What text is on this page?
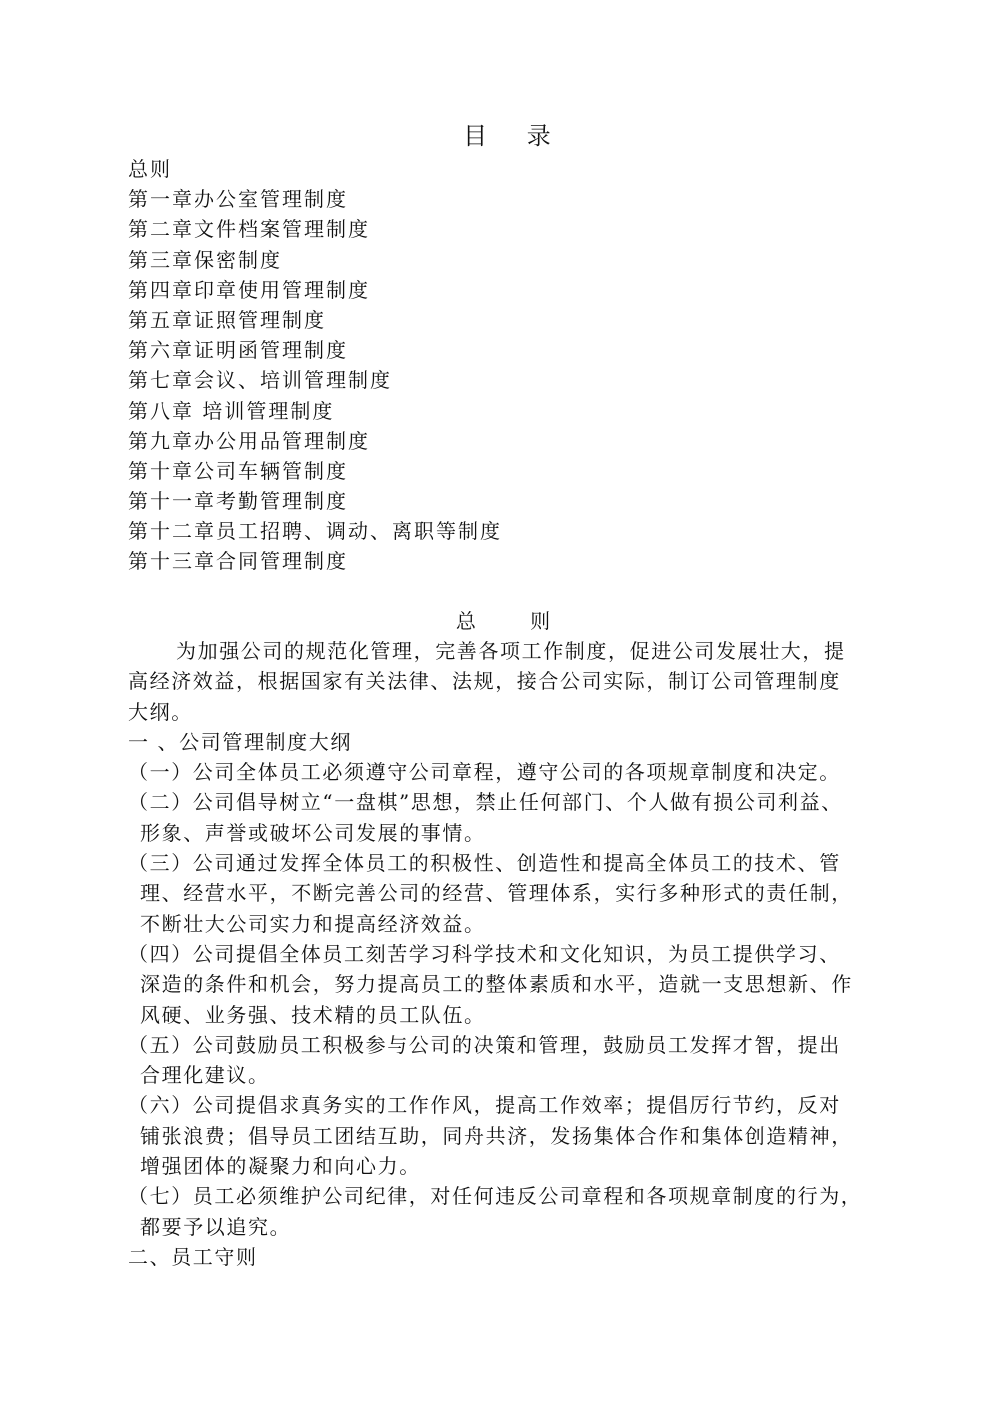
目 录
总则
第一章办公室管理制度
第二章文件档案管理制度
第三章保密制度
第四章印章使用管理制度
第五章证照管理制度
第六章证明函管理制度
第七章会议、培训管理制度
第八章 培训管理制度
第九章办公用品管理制度
第十章公司车辆管制度
第十一章考勤管理制度
第十二章员工招聘、调动、离职等制度
第十三章合同管理制度
总 则
为加强公司的规范化管理，完善各项工作制度，促进公司发展壮大，提
高经济效益，根据国家有关法律、法规，接合公司实际，制订公司管理制度
大纲。
一 、公司管理制度大纲
（一）公司全体员工必须遵守公司章程，遵守公司的各项规章制度和决定。
（二）公司倡导树立“一盘棋”思想，禁止任何部门、个人做有损公司利益、
形象、声誉或破坏公司发展的事情。
（三）公司通过发挥全体员工的积极性、创造性和提高全体员工的技术、管
理、经营水平，不断完善公司的经营、管理体系，实行多种形式的责任制，
不断壮大公司实力和提高经济效益。
（四）公司提倡全体员工刻苦学习科学技术和文化知识，为员工提供学习、
深造的条件和机会，努力提高员工的整体素质和水平，造就一支思想新、作
风硬、业务强、技术精的员工队伍。
（五）公司鼓励员工积极参与公司的决策和管理，鼓励员工发挥才智，提出
合理化建议。
（六）公司提倡求真务实的工作作风，提高工作效率；提倡厉行节约，反对
铺张浪费；倡导员工团结互助，同舟共济，发扬集体合作和集体创造精神，
增强团体的凝聚力和向心力。
（七）员工必须维护公司纪律，对任何违反公司章程和各项规章制度的行为，
都要予以追究。
二、员工守则
